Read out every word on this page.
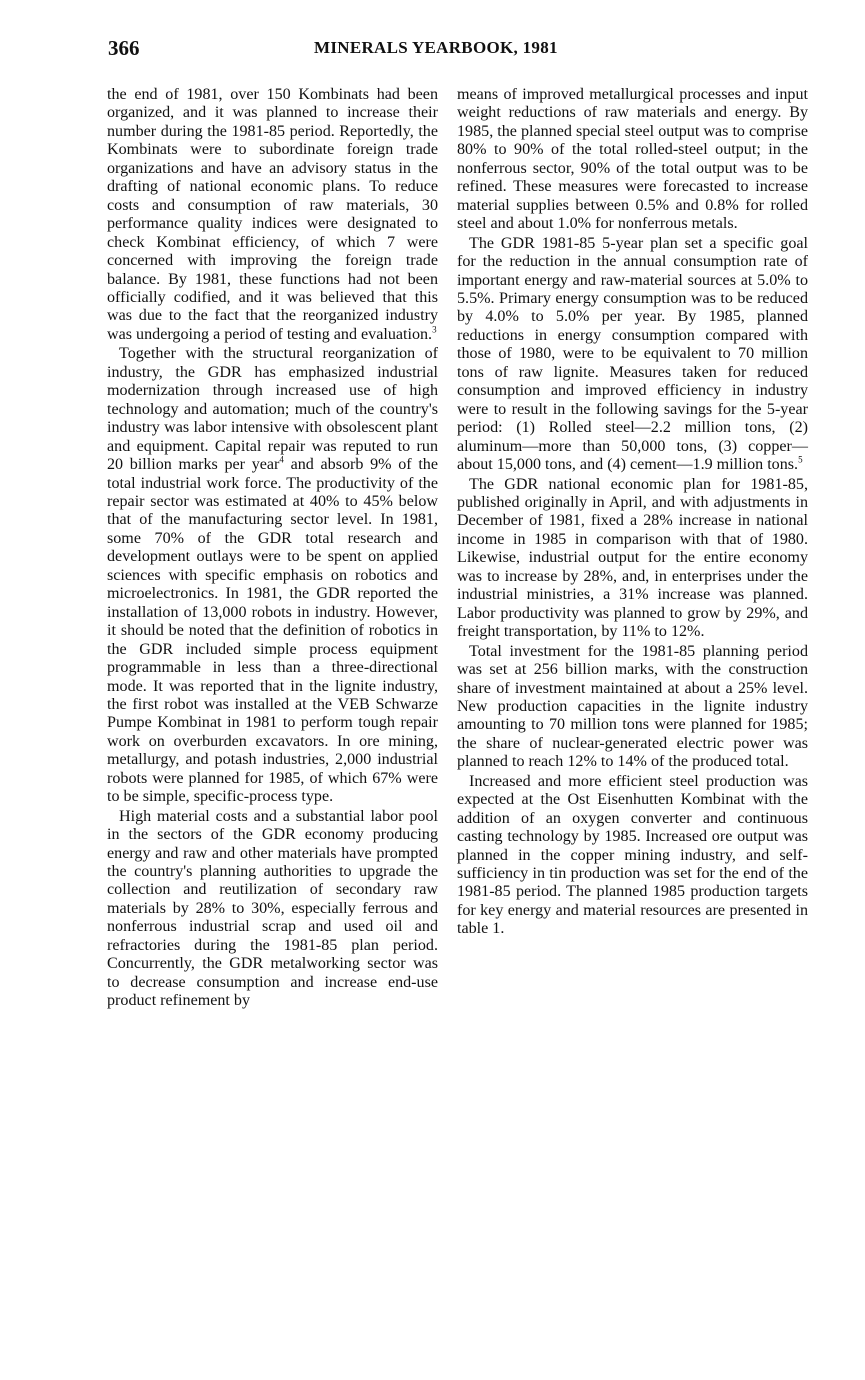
366	MINERALS YEARBOOK, 1981

the end of 1981, over 150 Kombinats had been organized, and it was planned to increase their number during the 1981-85 period. Reportedly, the Kombinats were to subordinate foreign trade organizations and have an advisory status in the drafting of national economic plans. To reduce costs and consumption of raw materials, 30 performance quality indices were designated to check Kombinat efficiency, of which 7 were concerned with improving the foreign trade balance. By 1981, these functions had not been officially codified, and it was believed that this was due to the fact that the reorganized industry was undergoing a period of testing and evaluation.$^3$

Together with the structural reorganization of industry, the GDR has emphasized industrial modernization through increased use of high technology and automation; much of the country's industry was labor intensive with obsolescent plant and equipment. Capital repair was reputed to run 20 billion marks per year$^4$ and absorb 9% of the total industrial work force. The productivity of the repair sector was estimated at 40% to 45% below that of the manufacturing sector level. In 1981, some 70% of the GDR total research and development outlays were to be spent on applied sciences with specific emphasis on robotics and microelectronics. In 1981, the GDR reported the installation of 13,000 robots in industry. However, it should be noted that the definition of robotics in the GDR included simple process equipment programmable in less than a three-directional mode. It was reported that in the lignite industry, the first robot was installed at the VEB Schwarze Pumpe Kombinat in 1981 to perform tough repair work on overburden excavators. In ore mining, metallurgy, and potash industries, 2,000 industrial robots were planned for 1985, of which 67% were to be simple, specific-process type.

High material costs and a substantial labor pool in the sectors of the GDR economy producing energy and raw and other materials have prompted the country's planning authorities to upgrade the collection and reutilization of secondary raw materials by 28% to 30%, especially ferrous and nonferrous industrial scrap and used oil and refractories during the 1981-85 plan period. Concurrently, the GDR metalworking sector was to decrease consumption and increase end-use product refinement by

means of improved metallurgical processes and input weight reductions of raw materials and energy. By 1985, the planned special steel output was to comprise 80% to 90% of the total rolled-steel output; in the nonferrous sector, 90% of the total output was to be refined. These measures were forecasted to increase material supplies between 0.5% and 0.8% for rolled steel and about 1.0% for nonferrous metals.

The GDR 1981-85 5-year plan set a specific goal for the reduction in the annual consumption rate of important energy and raw-material sources at 5.0% to 5.5%. Primary energy consumption was to be reduced by 4.0% to 5.0% per year. By 1985, planned reductions in energy consumption compared with those of 1980, were to be equivalent to 70 million tons of raw lignite. Measures taken for reduced consumption and improved efficiency in industry were to result in the following savings for the 5-year period: (1) Rolled steel—2.2 million tons, (2) aluminum—more than 50,000 tons, (3) copper—about 15,000 tons, and (4) cement—1.9 million tons.$^5$

The GDR national economic plan for 1981-85, published originally in April, and with adjustments in December of 1981, fixed a 28% increase in national income in 1985 in comparison with that of 1980. Likewise, industrial output for the entire economy was to increase by 28%, and, in enterprises under the industrial ministries, a 31% increase was planned. Labor productivity was planned to grow by 29%, and freight transportation, by 11% to 12%.

Total investment for the 1981-85 planning period was set at 256 billion marks, with the construction share of investment maintained at about a 25% level. New production capacities in the lignite industry amounting to 70 million tons were planned for 1985; the share of nuclear-generated electric power was planned to reach 12% to 14% of the produced total.

Increased and more efficient steel production was expected at the Ost Eisenhutten Kombinat with the addition of an oxygen converter and continuous casting technology by 1985. Increased ore output was planned in the copper mining industry, and self-sufficiency in tin production was set for the end of the 1981-85 period. The planned 1985 production targets for key energy and material resources are presented in table 1.
